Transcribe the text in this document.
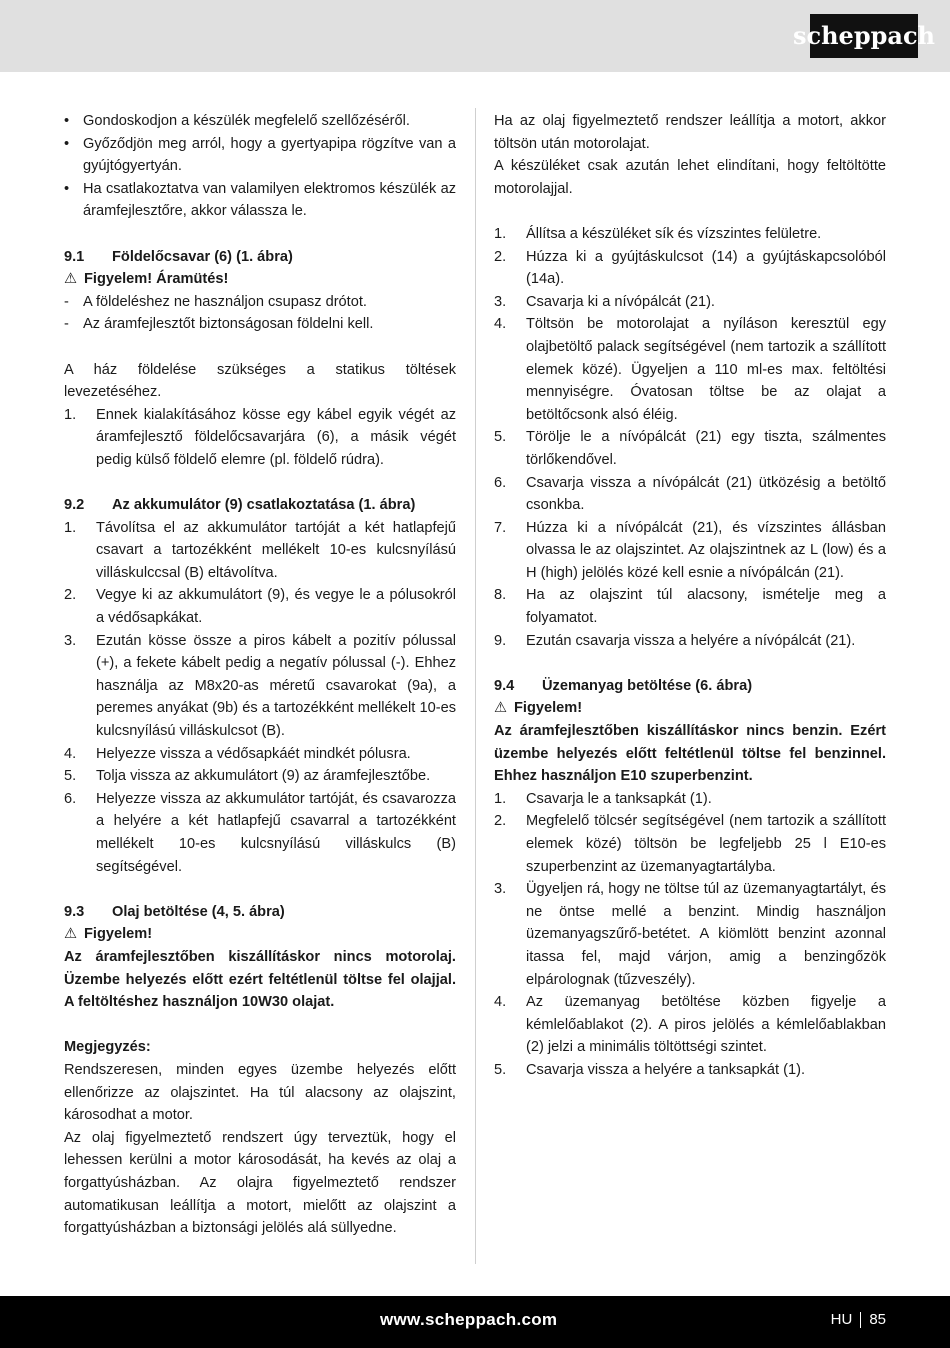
scheppach
• Gondoskodjon a készülék megfelelő szellőzéséről.
• Győződjön meg arról, hogy a gyertyapipa rögzítve van a gyújtógyertyán.
• Ha csatlakoztatva van valamilyen elektromos készülék az áramfejlesztőre, akkor válassza le.
9.1	Földelőcsavar (6) (1. ábra)
⚠ Figyelem! Áramütés!
- A földeléshez ne használjon csupasz drótot.
- Az áramfejlesztőt biztonságosan földelni kell.

A ház földelése szükséges a statikus töltések levezetéséhez.

1.	Ennek kialakításához kösse egy kábel egyik végét az áramfejlesztő földelőcsavarjára (6), a másik végét pedig külső földelő elemre (pl. földelő rúdra).
9.2	Az akkumulátor (9) csatlakoztatása (1. ábra)
1.	Távolítsa el az akkumulátor tartóját a két hatlapfejű csavart a tartozékként mellékelt 10-es kulcsnyílású villáskulccsal (B) eltávolítva.
2.	Vegye ki az akkumulátort (9), és vegye le a pólusokról a védősapkákat.
3.	Ezután kösse össze a piros kábelt a pozitív pólussal (+), a fekete kábelt pedig a negatív pólussal (-). Ehhez használja az M8x20-as méretű csavarokat (9a), a peremes anyákat (9b) és a tartozékként mellékelt 10-es kulcsnyílású villáskulcsot (B).
4.	Helyezze vissza a védősapkáét mindkét pólusra.
5.	Tolja vissza az akkumulátort (9) az áramfejlesztőbe.
6.	Helyezze vissza az akkumulátor tartóját, és csavarozza a helyére a két hatlapfejű csavarral a tartozékként mellékelt 10-es kulcsnyílású villáskulcs (B) segítségével.
9.3	Olaj betöltése (4, 5. ábra)
⚠ Figyelem!

Az áramfejlesztőben kiszállításkor nincs motorolaj. Üzembe helyezés előtt ezért feltétlenül töltse fel olajjal. A feltöltéshez használjon 10W30 olajat.

Megjegyzés:

Rendszeresen, minden egyes üzembe helyezés előtt ellenőrizze az olajszintet. Ha túl alacsony az olajszint, károsodhat a motor.

Az olaj figyelmeztető rendszert úgy terveztük, hogy el lehessen kerülni a motor károsodását, ha kevés az olaj a forgattyúsházban. Az olajra figyelmeztető rendszer automatikusan leállítja a motort, mielőtt az olajszint a forgattyúsházban a biztonsági jelölés alá süllyedne.

Ha az olaj figyelmeztető rendszer leállítja a motort, akkor töltsön után motorolajat.

A készüléket csak azután lehet elindítani, hogy feltöltötte motorolajjal.

1.	Állítsa a készüléket sík és vízszintes felületre.
2.	Húzza ki a gyújtáskulcsot (14) a gyújtáskapcsolóból (14a).
3.	Csavarja ki a nívópálcát (21).
4.	Töltsön be motorolajat a nyíláson keresztül egy olajbetöltő palack segítségével (nem tartozik a szállított elemek közé). Ügyeljen a 110 ml-es max. feltöltési mennyiségre. Óvatosan töltse be az olajat a betöltőcsonk alsó éléig.
5.	Törölje le a nívópálcát (21) egy tiszta, szálmentes törlőkendővel.
6.	Csavarja vissza a nívópálcát (21) ütközésig a betöltő csonkba.
7.	Húzza ki a nívópálcát (21), és vízszintes állásban olvassa le az olajszintet. Az olajszintnek az L (low) és a H (high) jelölés közé kell esnie a nívópálcán (21).
8.	Ha az olajszint túl alacsony, ismételje meg a folyamatot.
9.	Ezután csavarja vissza a helyére a nívópálcát (21).
9.4	Üzemanyag betöltése (6. ábra)
⚠ Figyelem!

Az áramfejlesztőben kiszállításkor nincs benzin. Ezért üzembe helyezés előtt feltétlenül töltse fel benzinnel. Ehhez használjon E10 szuperbenzint.

1.	Csavarja le a tanksapkát (1).
2.	Megfelelő tölcsér segítségével (nem tartozik a szállított elemek közé) töltsön be legfeljebb 25 l E10-es szuperbenzint az üzemanyagtartályba.
3.	Ügyeljen rá, hogy ne töltse túl az üzemanyagtartályt, és ne öntse mellé a benzint. Mindig használjon üzemanyagszűrő-betétet. A kiömlött benzint azonnal itassa fel, majd várjon, amig a benzingőzök elpárolognak (tűzveszély).
4.	Az üzemanyag betöltése közben figyelje a kémlelőablakot (2). A piros jelölés a kémlelőablakban (2) jelzi a minimális töltöttségi szintet.
5.	Csavarja vissza a helyére a tanksapkát (1).
www.scheppach.com	HU 85
